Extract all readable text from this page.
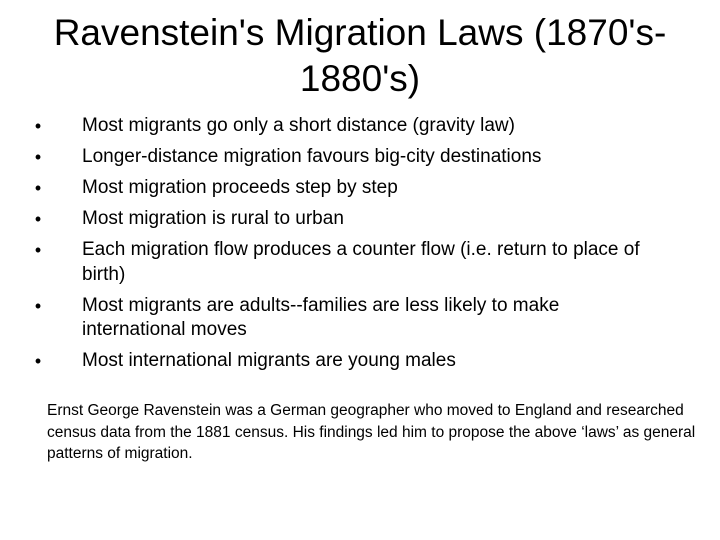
Ravenstein's Migration Laws (1870's-1880's)
•	Most migrants go only a short distance (gravity law)
•	Longer-distance migration favours big-city destinations
•	Most migration proceeds step by step
•	Most migration is rural to urban
•	Each migration flow produces a counter flow (i.e. return to place of birth)
•	Most migrants are adults--families are less likely to make international moves
•	Most international migrants are young males

Ernst George Ravenstein was a German geographer who moved to England and researched census data from the 1881 census. His findings led him to propose the above ‘laws’ as general patterns of migration.
